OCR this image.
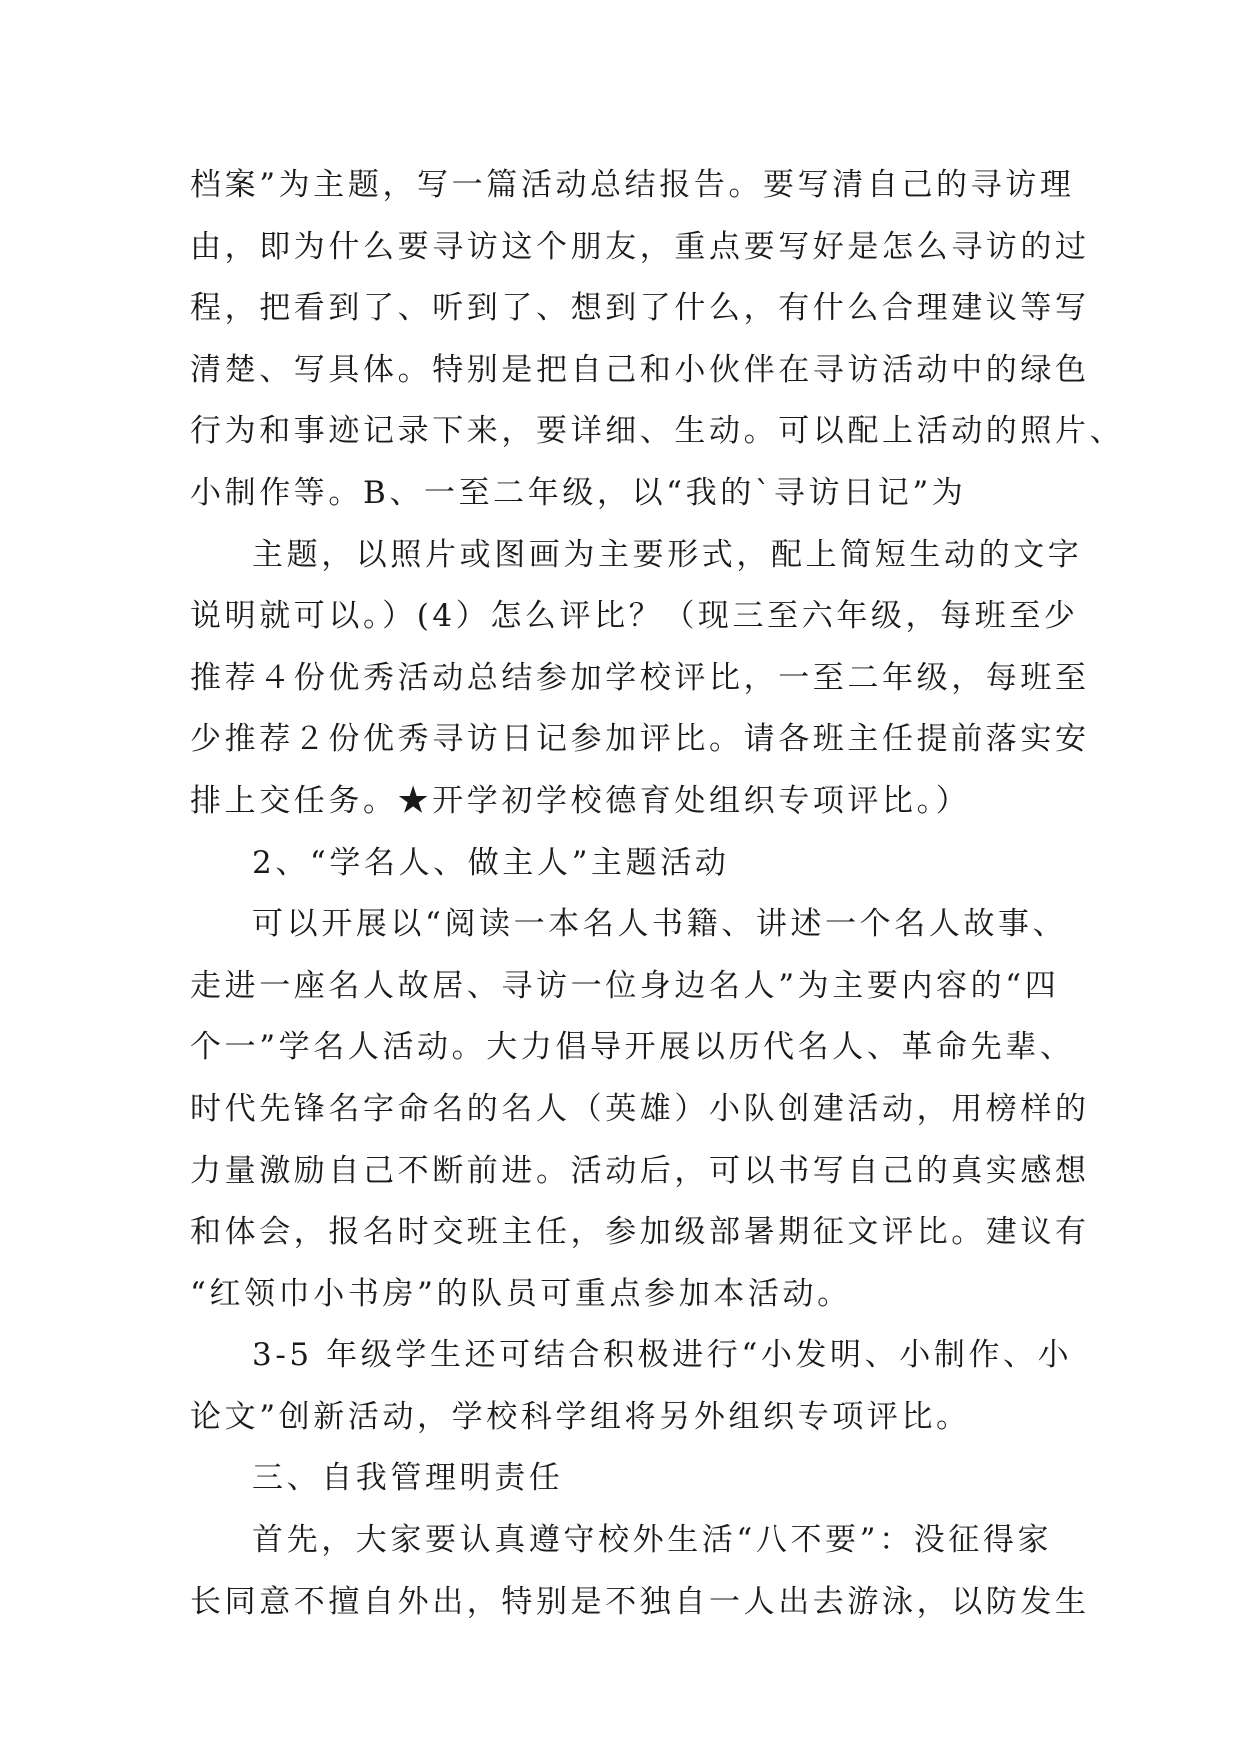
档案”为主题，写一篇活动总结报告。要写清自己的寻访理
由，即为什么要寻访这个朋友，重点要写好是怎么寻访的过
程，把看到了、听到了、想到了什么，有什么合理建议等写
清楚、写具体。特别是把自己和小伙伴在寻访活动中的绿色
行为和事迹记录下来，要详细、生动。可以配上活动的照片、
小制作等。B、一至二年级，以“我的`寻访日记”为
主题，以照片或图画为主要形式，配上简短生动的文字
说明就可以。）(4）怎么评比？（现三至六年级，每班至少
推荐４份优秀活动总结参加学校评比，一至二年级，每班至
少推荐２份优秀寻访日记参加评比。请各班主任提前落实安
排上交任务。★开学初学校德育处组织专项评比。）
2、“学名人、做主人”主题活动
可以开展以“阅读一本名人书籍、讲述一个名人故事、
走进一座名人故居、寻访一位身边名人”为主要内容的“四
个一”学名人活动。大力倡导开展以历代名人、革命先辈、
时代先锋名字命名的名人（英雄）小队创建活动，用榜样的
力量激励自己不断前进。活动后，可以书写自己的真实感想
和体会，报名时交班主任，参加级部暑期征文评比。建议有
“红领巾小书房”的队员可重点参加本活动。
3-5 年级学生还可结合积极进行“小发明、小制作、小
论文”创新活动，学校科学组将另外组织专项评比。
三、自我管理明责任
首先，大家要认真遵守校外生活“八不要”：没征得家
长同意不擅自外出，特别是不独自一人出去游泳，以防发生
